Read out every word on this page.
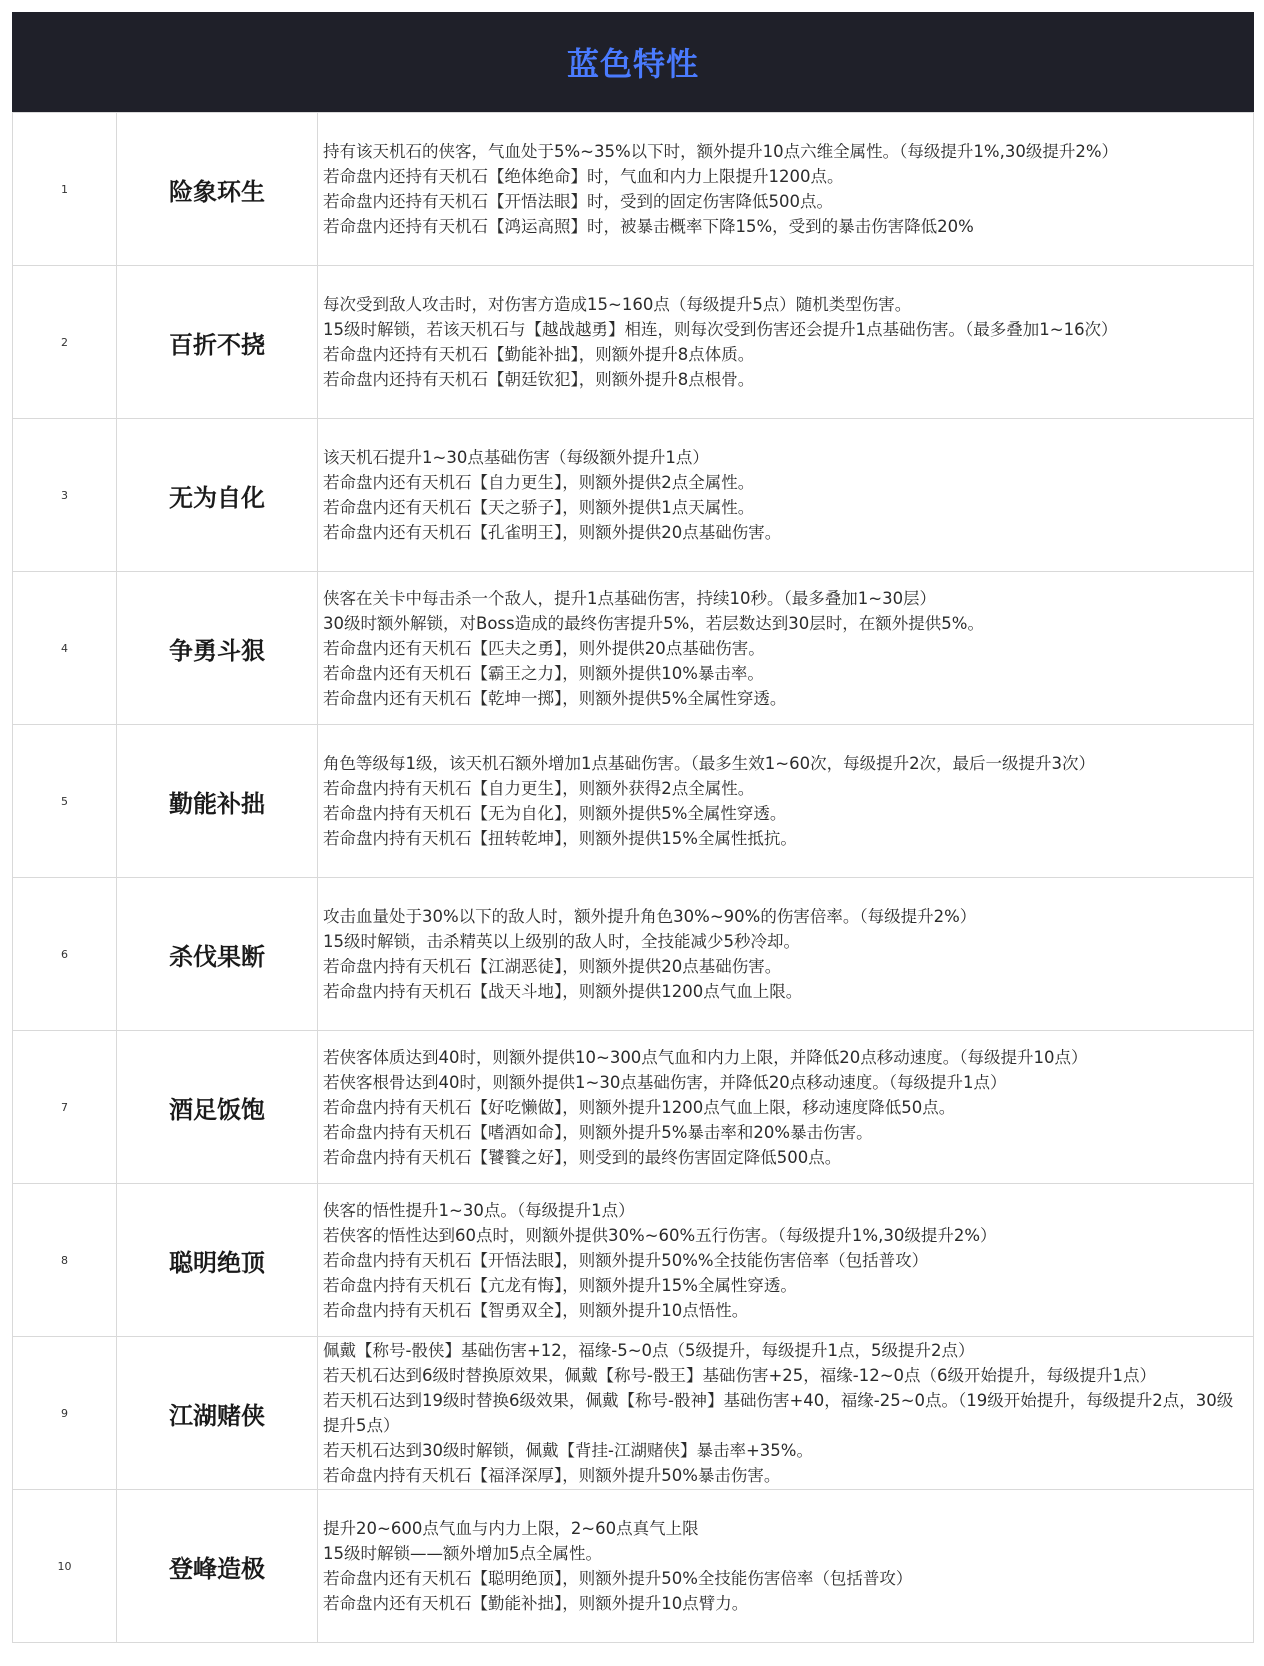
蓝色特性
1	险象环生	持有该天机石的侠客，气血处于5%~35%以下时，额外提升10点六维全属性。（每级提升1%,30级提升2%）
若命盘内还持有天机石【绝体绝命】时，气血和内力上限提升1200点。
若命盘内还持有天机石【开悟法眼】时，受到的固定伤害降低500点。
若命盘内还持有天机石【鸿运高照】时，被暴击概率下降15%，受到的暴击伤害降低20%

2	百折不挠	每次受到敌人攻击时，对伤害方造成15~160点（每级提升5点）随机类型伤害。
15级时解锁，若该天机石与【越战越勇】相连，则每次受到伤害还会提升1点基础伤害。（最多叠加1~16次）
若命盘内还持有天机石【勤能补拙】，则额外提升8点体质。
若命盘内还持有天机石【朝廷钦犯】，则额外提升8点根骨。

3	无为自化	该天机石提升1~30点基础伤害（每级额外提升1点）
若命盘内还有天机石【自力更生】，则额外提供2点全属性。
若命盘内还有天机石【天之骄子】，则额外提供1点天属性。
若命盘内还有天机石【孔雀明王】，则额外提供20点基础伤害。

4	争勇斗狠	侠客在关卡中每击杀一个敌人，提升1点基础伤害，持续10秒。（最多叠加1~30层）
30级时额外解锁，对Boss造成的最终伤害提升5%，若层数达到30层时，在额外提供5%。
若命盘内还有天机石【匹夫之勇】，则外提供20点基础伤害。
若命盘内还有天机石【霸王之力】，则额外提供10%暴击率。
若命盘内还有天机石【乾坤一掷】，则额外提供5%全属性穿透。

5	勤能补拙	角色等级每1级，该天机石额外增加1点基础伤害。（最多生效1~60次，每级提升2次，最后一级提升3次）
若命盘内持有天机石【自力更生】，则额外获得2点全属性。
若命盘内持有天机石【无为自化】，则额外提供5%全属性穿透。
若命盘内持有天机石【扭转乾坤】，则额外提供15%全属性抵抗。

6	杀伐果断	攻击血量处于30%以下的敌人时，额外提升角色30%~90%的伤害倍率。（每级提升2%）
15级时解锁，击杀精英以上级别的敌人时，全技能减少5秒冷却。
若命盘内持有天机石【江湖恶徒】，则额外提供20点基础伤害。
若命盘内持有天机石【战天斗地】，则额外提供1200点气血上限。

7	酒足饭饱	若侠客体质达到40时，则额外提供10~300点气血和内力上限，并降低20点移动速度。（每级提升10点）
若侠客根骨达到40时，则额外提供1~30点基础伤害，并降低20点移动速度。（每级提升1点）
若命盘内持有天机石【好吃懒做】，则额外提升1200点气血上限，移动速度降低50点。
若命盘内持有天机石【嗜酒如命】，则额外提升5%暴击率和20%暴击伤害。
若命盘内持有天机石【饕餮之好】，则受到的最终伤害固定降低500点。

8	聪明绝顶	侠客的悟性提升1~30点。（每级提升1点）
若侠客的悟性达到60点时，则额外提供30%~60%五行伤害。（每级提升1%,30级提升2%）
若命盘内持有天机石【开悟法眼】，则额外提升50%%全技能伤害倍率（包括普攻）
若命盘内持有天机石【亢龙有悔】，则额外提升15%全属性穿透。
若命盘内持有天机石【智勇双全】，则额外提升10点悟性。

9	江湖赌侠	佩戴【称号-骰侠】基础伤害+12，福缘-5~0点（5级提升，每级提升1点，5级提升2点）
若天机石达到6级时替换原效果，佩戴【称号-骰王】基础伤害+25，福缘-12~0点（6级开始提升，每级提升1点）
若天机石达到19级时替换6级效果，佩戴【称号-骰神】基础伤害+40，福缘-25~0点。（19级开始提升，每级提升2点，30级提升5点）
若天机石达到30级时解锁，佩戴【背挂-江湖赌侠】暴击率+35%。
若命盘内持有天机石【福泽深厚】，则额外提升50%暴击伤害。

10	登峰造极	提升20~600点气血与内力上限，2~60点真气上限
15级时解锁——额外增加5点全属性。
若命盘内还有天机石【聪明绝顶】，则额外提升50%全技能伤害倍率（包括普攻）
若命盘内还有天机石【勤能补拙】，则额外提升10点臂力。
